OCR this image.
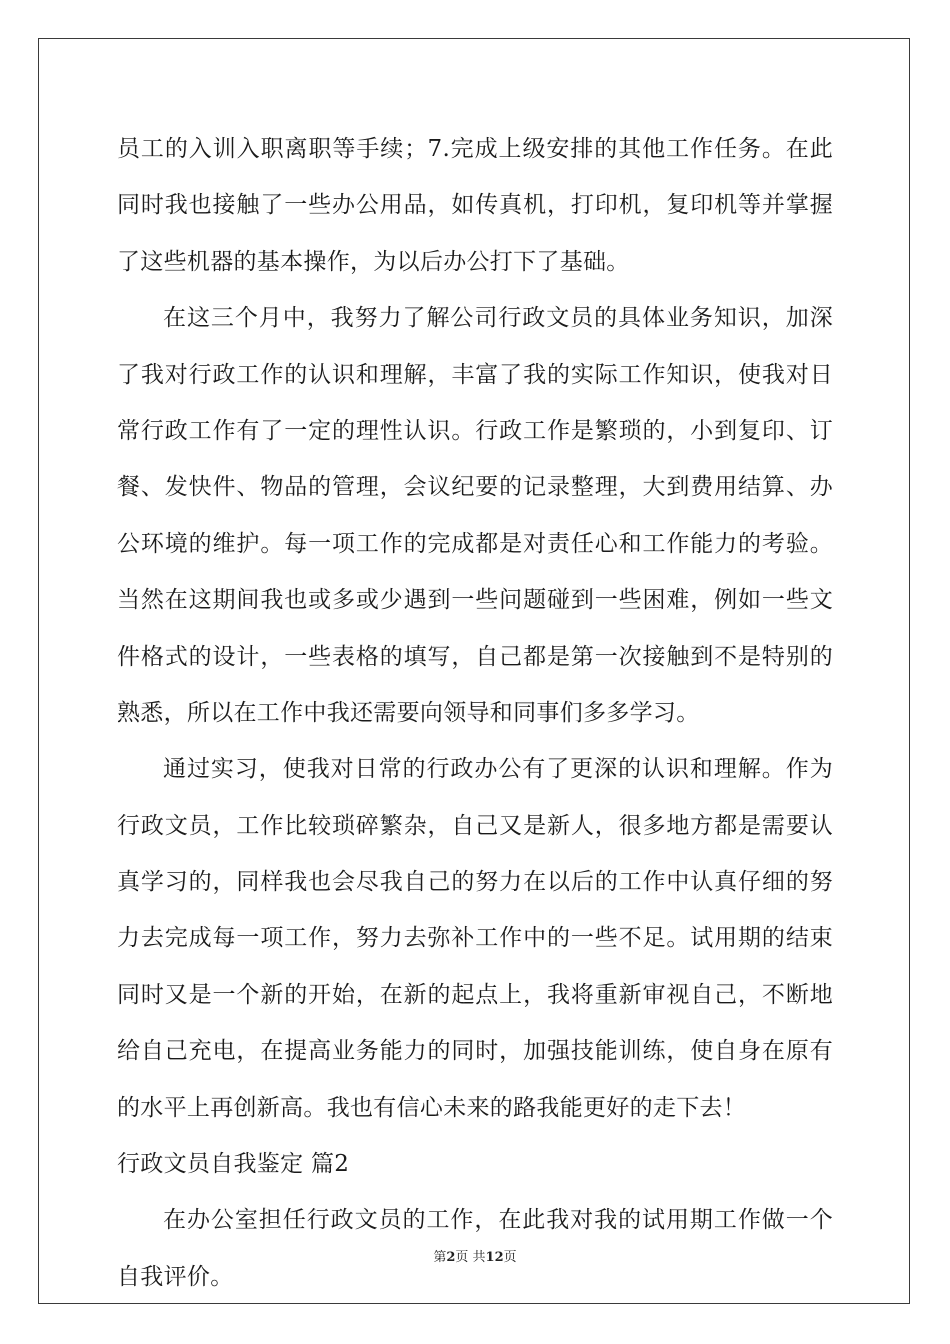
员工的入训入职离职等手续；7.完成上级安排的其他工作任务。在此
同时我也接触了一些办公用品，如传真机，打印机，复印机等并掌握
了这些机器的基本操作，为以后办公打下了基础。
在这三个月中，我努力了解公司行政文员的具体业务知识，加深
了我对行政工作的认识和理解，丰富了我的实际工作知识，使我对日
常行政工作有了一定的理性认识。行政工作是繁琐的，小到复印、订
餐、发快件、物品的管理，会议纪要的记录整理，大到费用结算、办
公环境的维护。每一项工作的完成都是对责任心和工作能力的考验。
当然在这期间我也或多或少遇到一些问题碰到一些困难，例如一些文
件格式的设计，一些表格的填写，自己都是第一次接触到不是特别的
熟悉，所以在工作中我还需要向领导和同事们多多学习。
通过实习，使我对日常的行政办公有了更深的认识和理解。作为
行政文员，工作比较琐碎繁杂，自己又是新人，很多地方都是需要认
真学习的，同样我也会尽我自己的努力在以后的工作中认真仔细的努
力去完成每一项工作，努力去弥补工作中的一些不足。试用期的结束
同时又是一个新的开始，在新的起点上，我将重新审视自己，不断地
给自己充电，在提高业务能力的同时，加强技能训练，使自身在原有
的水平上再创新高。我也有信心未来的路我能更好的走下去！
行政文员自我鉴定 篇2
在办公室担任行政文员的工作，在此我对我的试用期工作做一个
自我评价。
第2页 共12页
